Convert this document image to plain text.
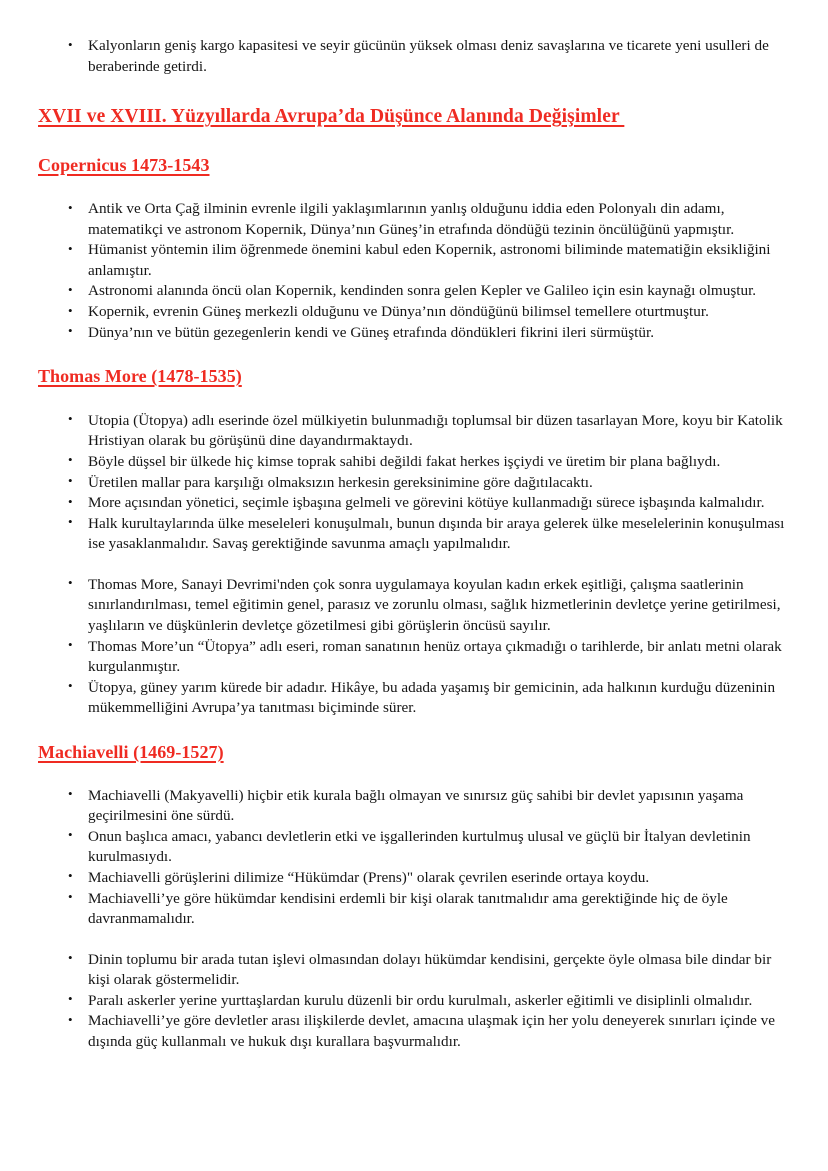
• Kalyonların geniş kargo kapasitesi ve seyir gücünün yüksek olması deniz savaşlarına ve ticarete yeni usulleri de beraberinde getirdi.
XVII ve XVIII. Yüzyıllarda Avrupa’da Düşünce Alanında Değişimler
Copernicus 1473-1543
• Antik ve Orta Çağ ilminin evrenle ilgili yaklaşımlarının yanlış olduğunu iddia eden Polonyalı din adamı, matematikçi ve astronom Kopernik, Dünya’nın Güneş’in etrafında döndüğü tezinin öncülüğünü yapmıştır.
• Hümanist yöntemin ilim öğrenmede önemini kabul eden Kopernik, astronomi biliminde matematiğin eksikliğini anlamıştır.
• Astronomi alanında öncü olan Kopernik, kendinden sonra gelen Kepler ve Galileo için esin kaynağı olmuştur.
• Kopernik, evrenin Güneş merkezli olduğunu ve Dünya’nın döndüğünü bilimsel temellere oturtmuştur.
• Dünya’nın ve bütün gezegenlerin kendi ve Güneş etrafında döndükleri fikrini ileri sürmüştür.
Thomas More (1478-1535)
• Utopia (Ütopya) adlı eserinde özel mülkiyetin bulunmadığı toplumsal bir düzen tasarlayan More, koyu bir Katolik Hristiyan olarak bu görüşünü dine dayandırmaktaydı.
• Böyle düşsel bir ülkede hiç kimse toprak sahibi değildi fakat herkes işçiydi ve üretim bir plana bağlıydı.
• Üretilen mallar para karşılığı olmaksızın herkesin gereksinimine göre dağıtılacaktı.
• More açısından yönetici, seçimle işbaşına gelmeli ve görevini kötüye kullanmadığı sürece işbaşında kalmalıdır.
• Halk kurultaylarında ülke meseleleri konuşulmalı, bunun dışında bir araya gelerek ülke meselelerinin konuşulması ise yasaklanmalıdır. Savaş gerektiğinde savunma amaçlı yapılmalıdır.
• Thomas More, Sanayi Devrimi'nden çok sonra uygulamaya koyulan kadın erkek eşitliği, çalışma saatlerinin sınırlandırılması, temel eğitimin genel, parasız ve zorunlu olması, sağlık hizmetlerinin devletçe yerine getirilmesi, yaşlıların ve düşkünlerin devletçe gözetilmesi gibi görüşlerin öncüsü sayılır.
• Thomas More’un “Ütopya” adlı eseri, roman sanatının henüz ortaya çıkmadığı o tarihlerde, bir anlatı metni olarak kurgulanmıştır.
• Ütopya, güney yarım kürede bir adadır. Hikâye, bu adada yaşamış bir gemicinin, ada halkının kurduğu düzeninin mükemmelliğini Avrupa’ya tanıtması biçiminde sürer.
Machiavelli (1469-1527)
• Machiavelli (Makyavelli) hiçbir etik kurala bağlı olmayan ve sınırsız güç sahibi bir devlet yapısının yaşama geçirilmesini öne sürdü.
• Onun başlıca amacı, yabancı devletlerin etki ve işgallerinden kurtulmuş ulusal ve güçlü bir İtalyan devletinin kurulmasıydı.
• Machiavelli görüşlerini dilimize “Hükümdar (Prens)" olarak çevrilen eserinde ortaya koydu.
• Machiavelli’ye göre hükümdar kendisini erdemli bir kişi olarak tanıtmalıdır ama gerektiğinde hiç de öyle davranmamalıdır.
• Dinin toplumu bir arada tutan işlevi olmasından dolayı hükümdar kendisini, gerçekte öyle olmasa bile dindar bir kişi olarak göstermelidir.
• Paralı askerler yerine yurttaşlardan kurulu düzenli bir ordu kurulmalı, askerler eğitimli ve disiplinli olmalıdır.
• Machiavelli’ye göre devletler arası ilişkilerde devlet, amacına ulaşmak için her yolu deneyerek sınırları içinde ve dışında güç kullanmalı ve hukuk dışı kurallara başvurmalıdır.
